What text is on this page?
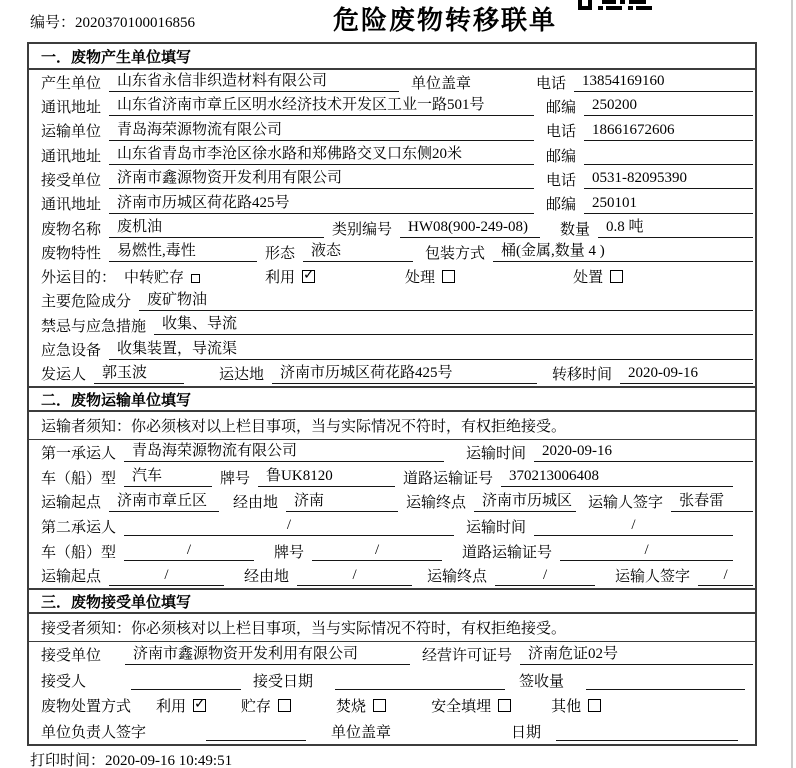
编号：2020370100016856	危险废物转移联单
一．废物产生单位填写
产生单位	山东省永信非织造材料有限公司	单位盖章	电话	13854169160
通讯地址	山东省济南市章丘区明水经济技术开发区工业一路501号	邮编	250200
运输单位	青岛海荣源物流有限公司	电话	18661672606
通讯地址	山东省青岛市李沧区徐水路和郑佛路交叉口东侧20米	邮编
接受单位	济南市鑫源物资开发利用有限公司	电话	0531-82095390
通讯地址	济南市历城区荷花路425号	邮编	250101
废物名称	废机油	类别编号	HW08(900-249-08)	数量	0.8 吨
废物特性	易燃性,毒性	形态	液态	包装方式	桶(金属,数量 4 )
外运目的： 中转贮存	利用 ✓	处理	处置
主要危险成分	废矿物油
禁忌与应急措施	收集、导流
应急设备	收集装置，导流渠
发运人	郭玉波	运达地	济南市历城区荷花路425号	转移时间	2020-09-16
二．废物运输单位填写
运输者须知：你必须核对以上栏目事项，当与实际情况不符时，有权拒绝接受。
第一承运人	青岛海荣源物流有限公司	运输时间	2020-09-16
车（船）型	汽车	牌号	鲁UK8120	道路运输证号	370213006408
运输起点	济南市章丘区	经由地	济南	运输终点	济南市历城区 运输人签字	张春雷
第二承运人	/	运输时间	/
车（船）型	/	牌号	/	道路运输证号	/
运输起点	/	经由地	/	运输终点	/	运输人签字	/
三．废物接受单位填写
接受者须知：你必须核对以上栏目事项，当与实际情况不符时，有权拒绝接受。
接受单位	济南市鑫源物资开发利用有限公司	经营许可证号	济南危证02号
接受人	接受日期	签收量
废物处置方式 利用 ✓	贮存	焚烧	安全填埋	其他
单位负责人签字	单位盖章	日期
打印时间：2020-09-16 10:49:51
